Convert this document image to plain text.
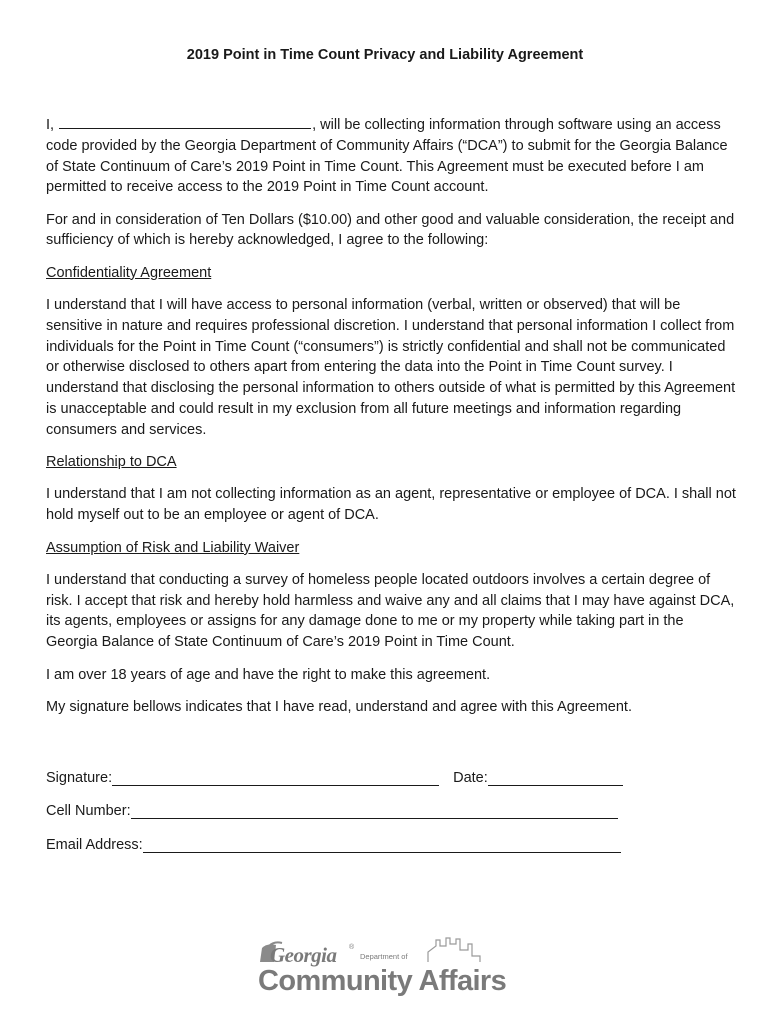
2019 Point in Time Count Privacy and Liability Agreement

I,	, will be collecting information through software using an access code provided by the Georgia Department of Community Affairs (“DCA”) to submit for the Georgia Balance of State Continuum of Care’s 2019 Point in Time Count. This Agreement must be executed before I am permitted to receive access to the 2019 Point in Time Count account.

For and in consideration of Ten Dollars ($10.00) and other good and valuable consideration, the receipt and sufficiency of which is hereby acknowledged, I agree to the following:

Confidentiality Agreement

I understand that I will have access to personal information (verbal, written or observed) that will be sensitive in nature and requires professional discretion. I understand that personal information I collect from individuals for the Point in Time Count (“consumers”) is strictly confidential and shall not be communicated or otherwise disclosed to others apart from entering the data into the Point in Time Count survey. I understand that disclosing the personal information to others outside of what is permitted by this Agreement is unacceptable and could result in my exclusion from all future meetings and information regarding consumers and services.

Relationship to DCA

I understand that I am not collecting information as an agent, representative or employee of DCA. I shall not hold myself out to be an employee or agent of DCA.

Assumption of Risk and Liability Waiver

I understand that conducting a survey of homeless people located outdoors involves a certain degree of risk. I accept that risk and hereby hold harmless and waive any and all claims that I may have against DCA, its agents, employees or assigns for any damage done to me or my property while taking part in the Georgia Balance of State Continuum of Care’s 2019 Point in Time Count.

I am over 18 years of age and have the right to make this agreement.

My signature bellows indicates that I have read, understand and agree with this Agreement.

Signature:	Date:
Cell Number:
Email Address:
Georgia ®
Department of
Community Affairs
